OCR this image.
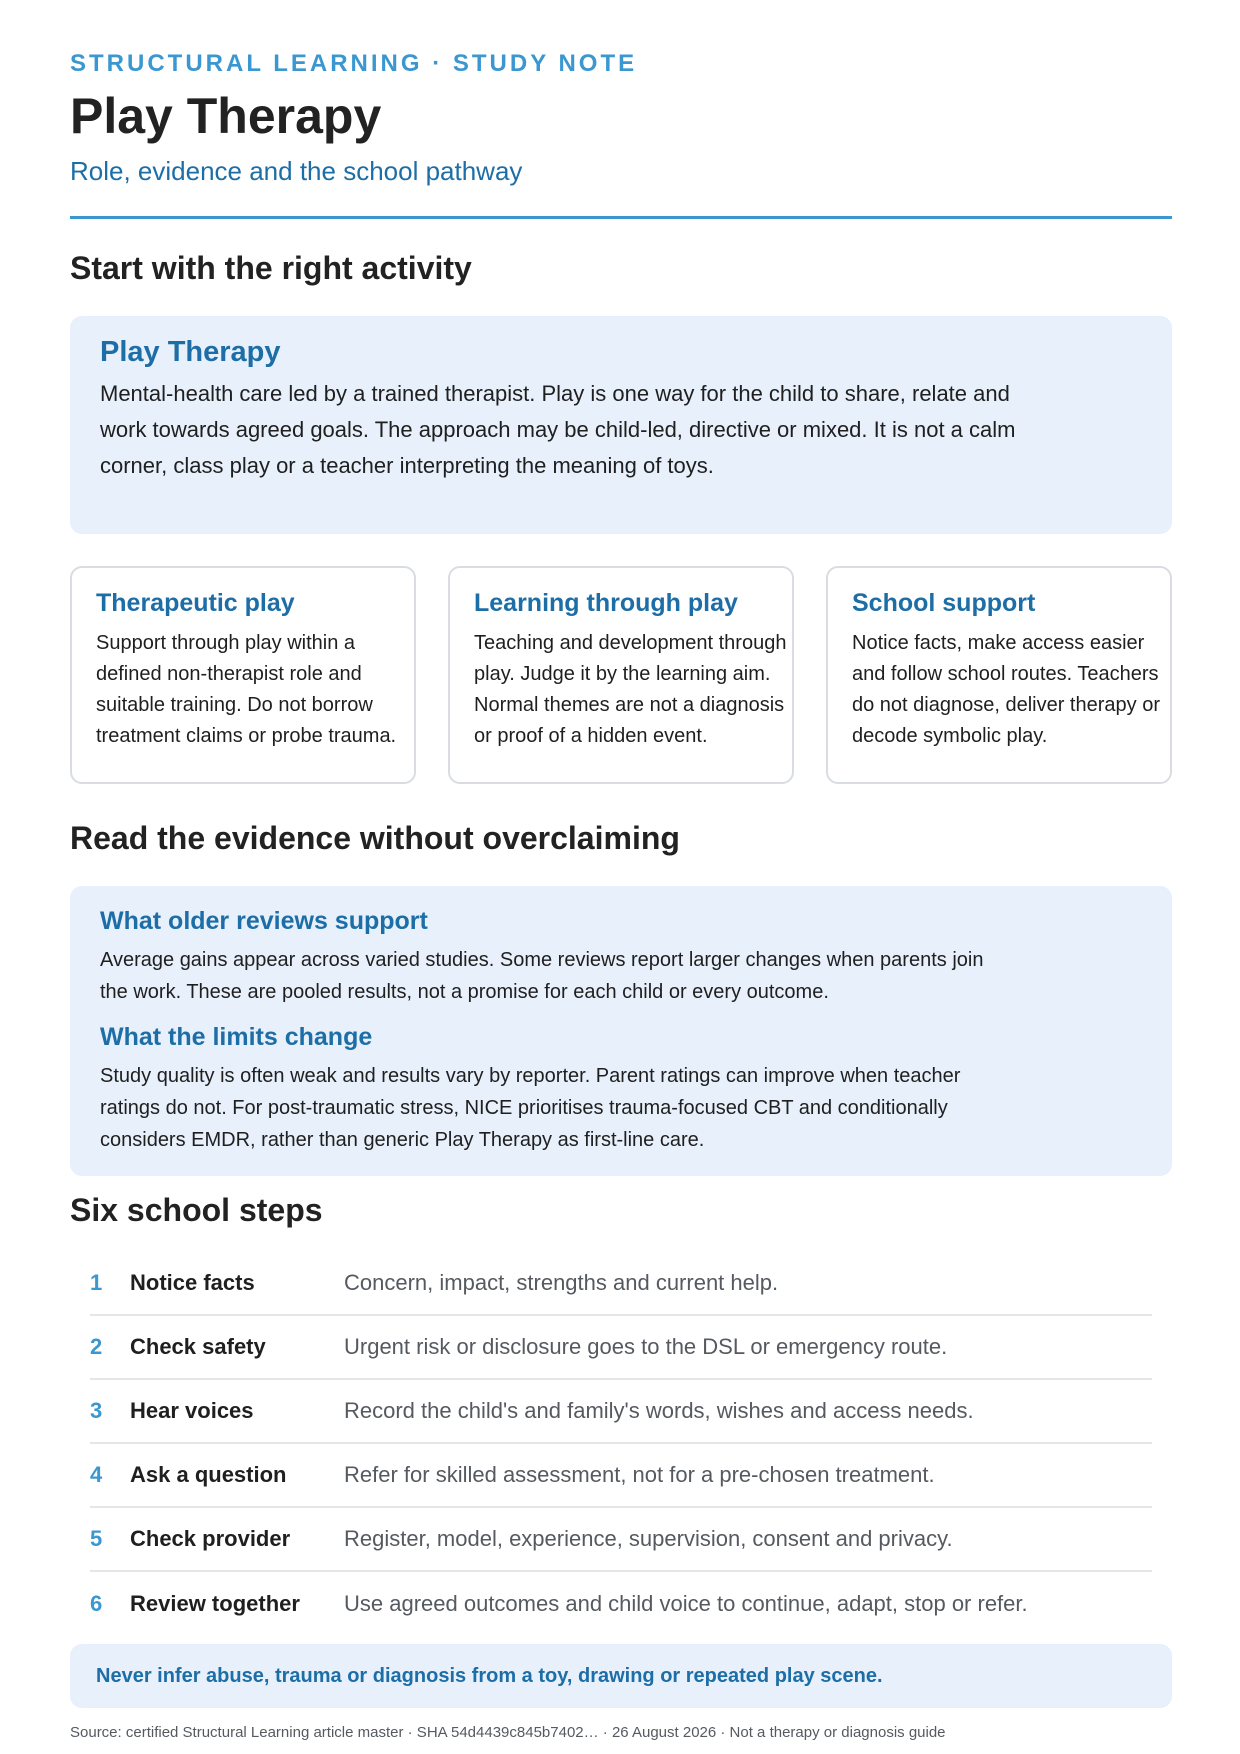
STRUCTURAL LEARNING · STUDY NOTE
Play Therapy
Role, evidence and the school pathway
Start with the right activity
Play Therapy

Mental-health care led by a trained therapist. Play is one way for the child to share, relate and work towards agreed goals. The approach may be child-led, directive or mixed. It is not a calm corner, class play or a teacher interpreting the meaning of toys.

Therapeutic play

Support through play within a defined non-therapist role and suitable training. Do not borrow treatment claims or probe trauma.

Learning through play

Teaching and development through play. Judge it by the learning aim. Normal themes are not a diagnosis or proof of a hidden event.

School support

Notice facts, make access easier and follow school routes. Teachers do not diagnose, deliver therapy or decode symbolic play.

Read the evidence without overclaiming
What older reviews support

Average gains appear across varied studies. Some reviews report larger changes when parents join the work. These are pooled results, not a promise for each child or every outcome.

What the limits change

Study quality is often weak and results vary by reporter. Parent ratings can improve when teacher ratings do not. For post-traumatic stress, NICE prioritises trauma-focused CBT and conditionally considers EMDR, rather than generic Play Therapy as first-line care.

Six school steps
1	Notice facts	Concern, impact, strengths and current help.
2	Check safety	Urgent risk or disclosure goes to the DSL or emergency route.
3	Hear voices	Record the child's and family's words, wishes and access needs.
4	Ask a question	Refer for skilled assessment, not for a pre-chosen treatment.
5	Check provider	Register, model, experience, supervision, consent and privacy.
6	Review together	Use agreed outcomes and child voice to continue, adapt, stop or refer.
Never infer abuse, trauma or diagnosis from a toy, drawing or repeated play scene.
Source: certified Structural Learning article master · SHA 54d4439c845b7402… · 26 August 2026 · Not a therapy or diagnosis guide
